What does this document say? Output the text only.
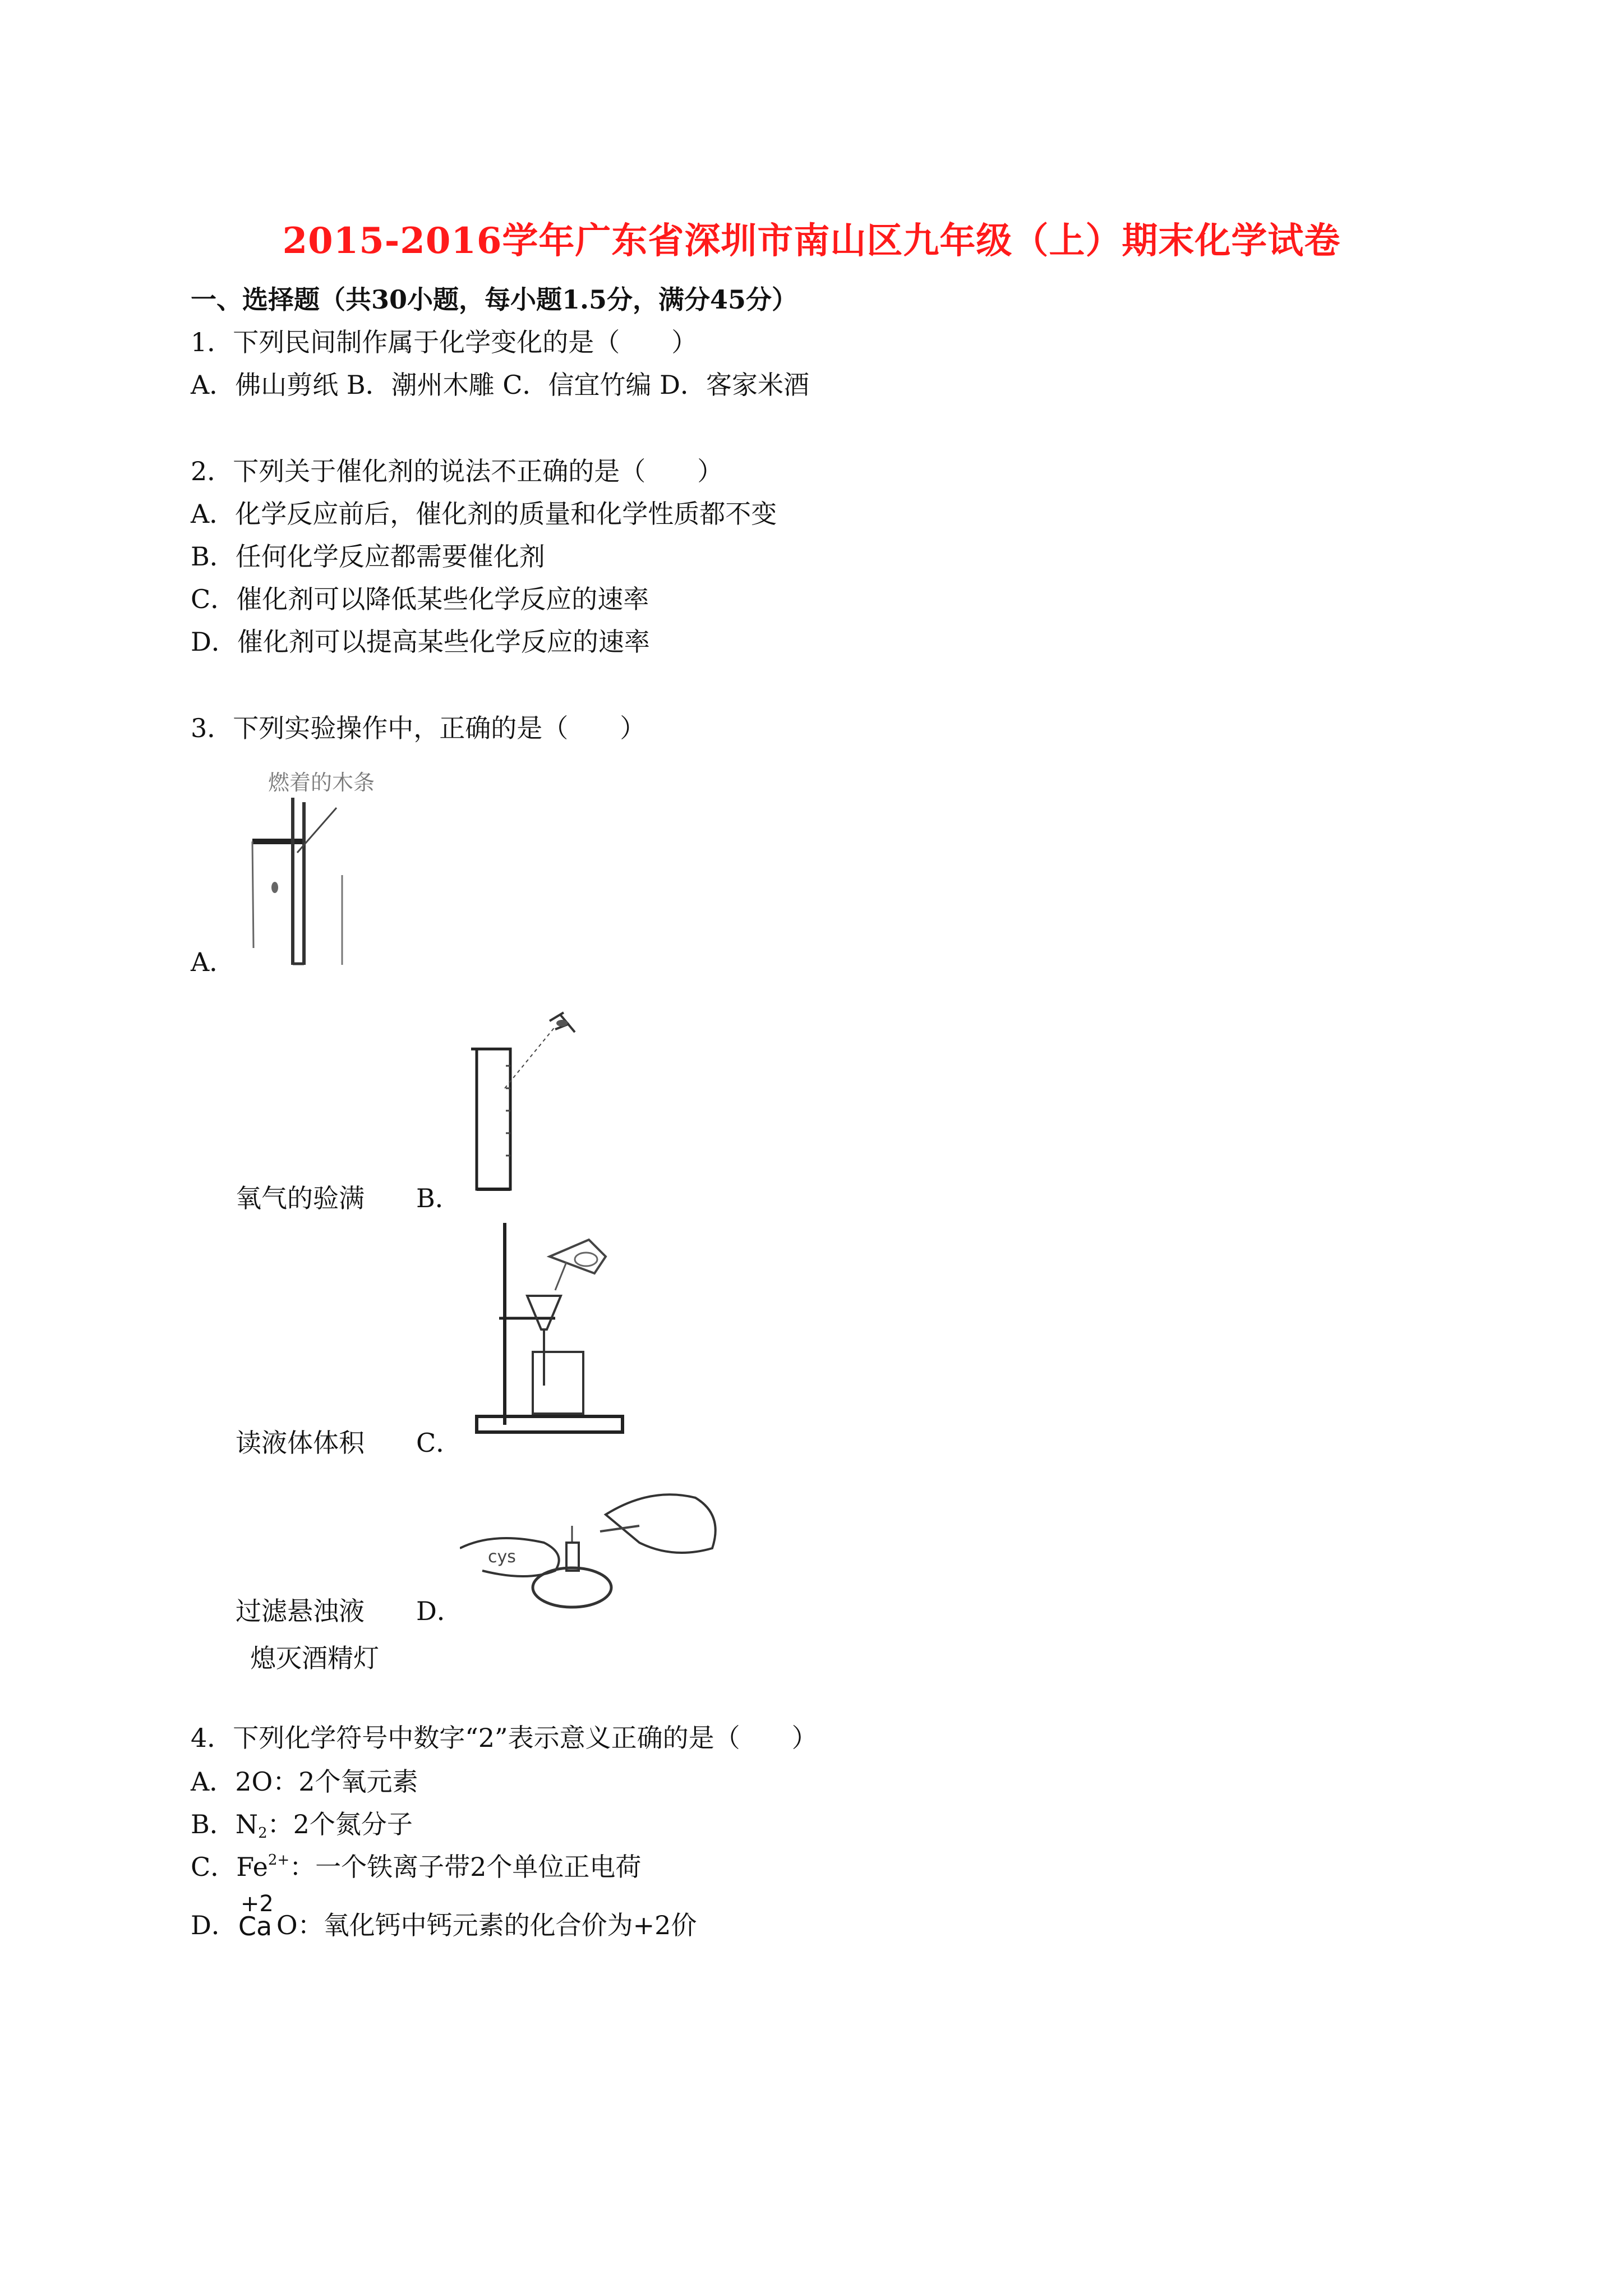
2015-2016学年广东省深圳市南山区九年级（上）期末化学试卷
一、选择题（共30小题，每小题1.5分，满分45分）
1．下列民间制作属于化学变化的是（　　）
A．佛山剪纸 B．潮州木雕 C．信宜竹编 D．客家米酒
2．下列关于催化剂的说法不正确的是（　　）
A．化学反应前后，催化剂的质量和化学性质都不变
B．任何化学反应都需要催化剂
C．催化剂可以降低某些化学反应的速率
D．催化剂可以提高某些化学反应的速率
3．下列实验操作中，正确的是（　　）
燃着的木条
A．
氧气的验满 B．
读液体体积 C．
cys
过滤悬浊液 D．
熄灭酒精灯
4．下列化学符号中数字“2”表示意义正确的是（　　）
A．2O：2个氧元素
B．$N_2$：2个氮分子
C．$Fe^{2+}$：一个铁离子带2个单位正电荷
D．
+2
Ca O：氧化钙中钙元素的化合价为+2价
